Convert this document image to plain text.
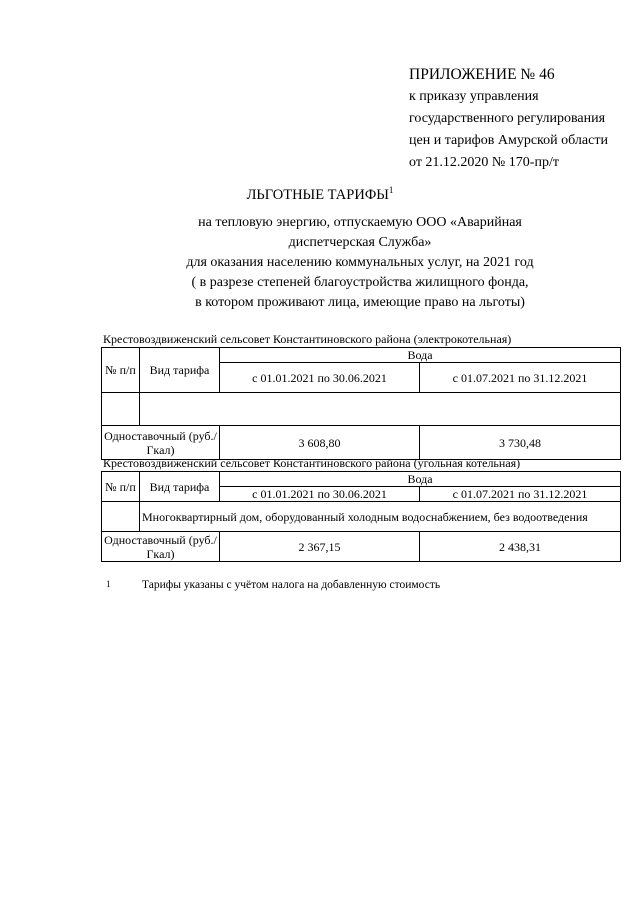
ПРИЛОЖЕНИЕ № 46
к приказу управления
государственного регулирования
цен и тарифов Амурской области
от 21.12.2020 № 170-пр/т
ЛЬГОТНЫЕ ТАРИФЫ$^1$
на тепловую энергию, отпускаемую ООО «Аварийная
диспетчерская Служба»
для оказания населению коммунальных услуг, на 2021 год
( в разрезе степеней благоустройства жилищного фонда,
в котором проживают лица, имеющие право на льготы)
Крестовоздвиженский сельсовет Константиновского района (электрокотельная)
№ п/п	Вид тарифа	Вода	
		с 01.01.2021 по 30.06.2021	с 01.07.2021 по 31.12.2021

Одноставочный (руб./Гкал)		3 608,80	3 730,48
Крестовоздвиженский сельсовет Константиновского района (угольная котельная)
№ п/п	Вид тарифа	Вода	
		с 01.01.2021 по 30.06.2021	с 01.07.2021 по 31.12.2021
	Многоквартирный дом, оборудованный холодным водоснабжением, без водоотведения		
Одноставочный (руб./Гкал)		2 367,15	2 438,31
1	Тарифы указаны с учётом налога на добавленную стоимость
